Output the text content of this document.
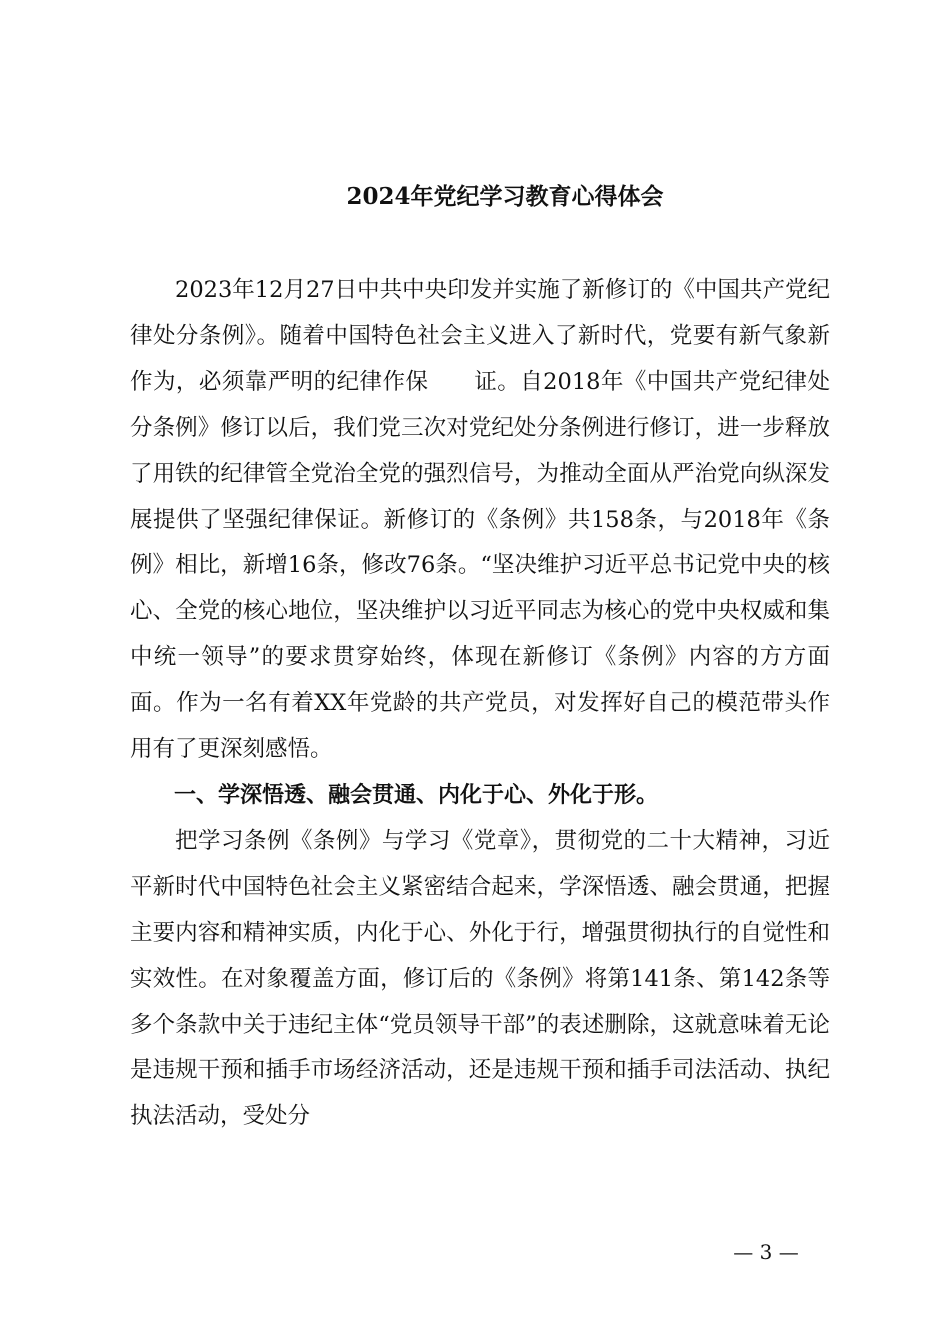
2024年党纪学习教育心得体会

2023年12月27日中共中央印发并实施了新修订的《中国共产党纪律处分条例》。随着中国特色社会主义进入了新时代，党要有新气象新作为，必须靠严明的纪律作保　　证。自2018年《中国共产党纪律处分条例》修订以后，我们党三次对党纪处分条例进行修订，进一步释放了用铁的纪律管全党治全党的强烈信号，为推动全面从严治党向纵深发展提供了坚强纪律保证。新修订的《条例》共158条，与2018年《条例》相比，新增16条，修改76条。“坚决维护习近平总书记党中央的核心、全党的核心地位，坚决维护以习近平同志为核心的党中央权威和集中统一领导”的要求贯穿始终，体现在新修订《条例》内容的方方面面。作为一名有着XX年党龄的共产党员，对发挥好自己的模范带头作用有了更深刻感悟。

一、学深悟透、融会贯通、内化于心、外化于形。

把学习条例《条例》与学习《党章》，贯彻党的二十大精神，习近平新时代中国特色社会主义紧密结合起来，学深悟透、融会贯通，把握主要内容和精神实质，内化于心、外化于行，增强贯彻执行的自觉性和实效性。在对象覆盖方面，修订后的《条例》将第141条、第142条等多个条款中关于违纪主体“党员领导干部”的表述删除，这就意味着无论是违规干预和插手市场经济活动，还是违规干预和插手司法活动、执纪执法活动，受处分

— 3 —
